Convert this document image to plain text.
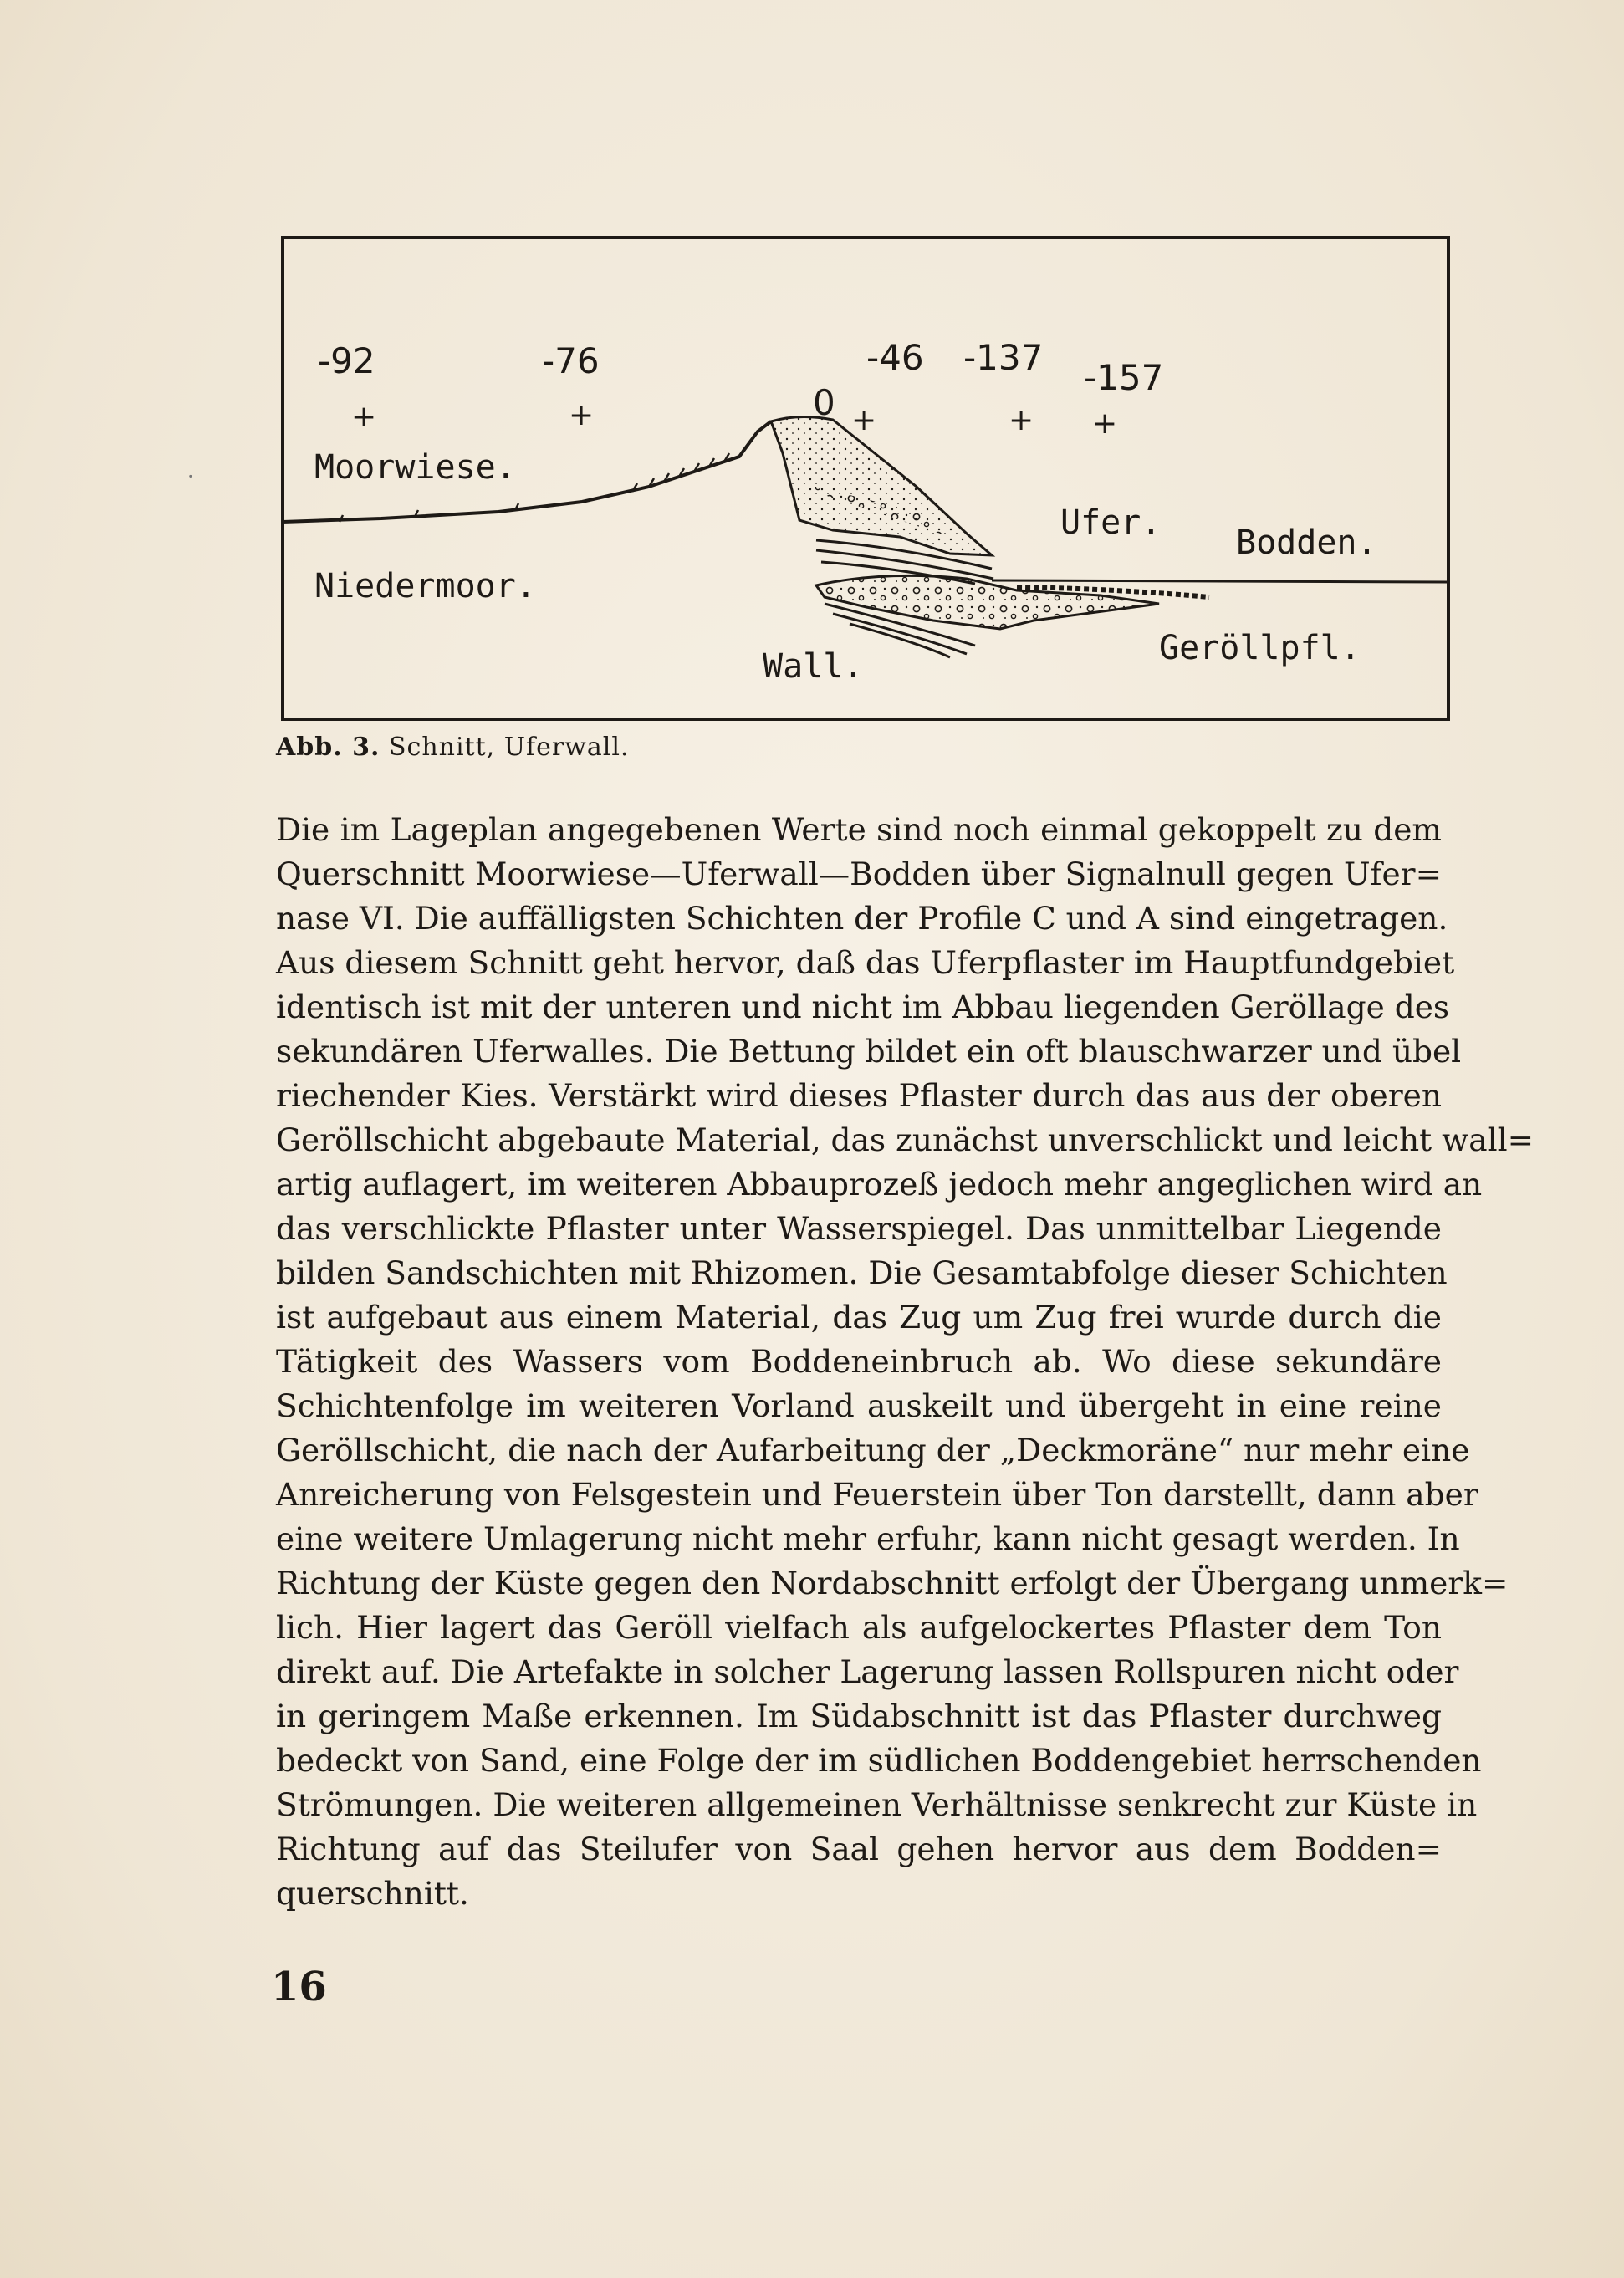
·
-92
+
-76
+	0 +
-46 -137
+
-157
+
Moorwiese.
Niedermoor.
Wall.
Ufer.
Bodden.
Geröllpfl.
Abb. 3. Schnitt, Uferwall.

Die im Lageplan angegebenen Werte sind noch einmal gekoppelt zu dem

Querschnitt Moorwiese—Uferwall—Bodden über Signalnull gegen Ufer=

nase VI. Die auffälligsten Schichten der Profile C und A sind eingetragen.

Aus diesem Schnitt geht hervor, daß das Uferpflaster im Hauptfundgebiet

identisch ist mit der unteren und nicht im Abbau liegenden Geröllage des

sekundären Uferwalles. Die Bettung bildet ein oft blauschwarzer und übel

riechender Kies. Verstärkt wird dieses Pflaster durch das aus der oberen

Geröllschicht abgebaute Material, das zunächst unverschlickt und leicht wall=

artig auflagert, im weiteren Abbauprozeß jedoch mehr angeglichen wird an

das verschlickte Pflaster unter Wasserspiegel. Das unmittelbar Liegende

bilden Sandschichten mit Rhizomen. Die Gesamtabfolge dieser Schichten

ist aufgebaut aus einem Material, das Zug um Zug frei wurde durch die

Tätigkeit des Wassers vom Boddeneinbruch ab. Wo diese sekundäre

Schichtenfolge im weiteren Vorland auskeilt und übergeht in eine reine

Geröllschicht, die nach der Aufarbeitung der „Deckmoräne“ nur mehr eine

Anreicherung von Felsgestein und Feuerstein über Ton darstellt, dann aber

eine weitere Umlagerung nicht mehr erfuhr, kann nicht gesagt werden. In

Richtung der Küste gegen den Nordabschnitt erfolgt der Übergang unmerk=

lich. Hier lagert das Geröll vielfach als aufgelockertes Pflaster dem Ton

direkt auf. Die Artefakte in solcher Lagerung lassen Rollspuren nicht oder

in geringem Maße erkennen. Im Südabschnitt ist das Pflaster durchweg

bedeckt von Sand, eine Folge der im südlichen Boddengebiet herrschenden

Strömungen. Die weiteren allgemeinen Verhältnisse senkrecht zur Küste in

Richtung auf das Steilufer von Saal gehen hervor aus dem Bodden=

querschnitt.

16
